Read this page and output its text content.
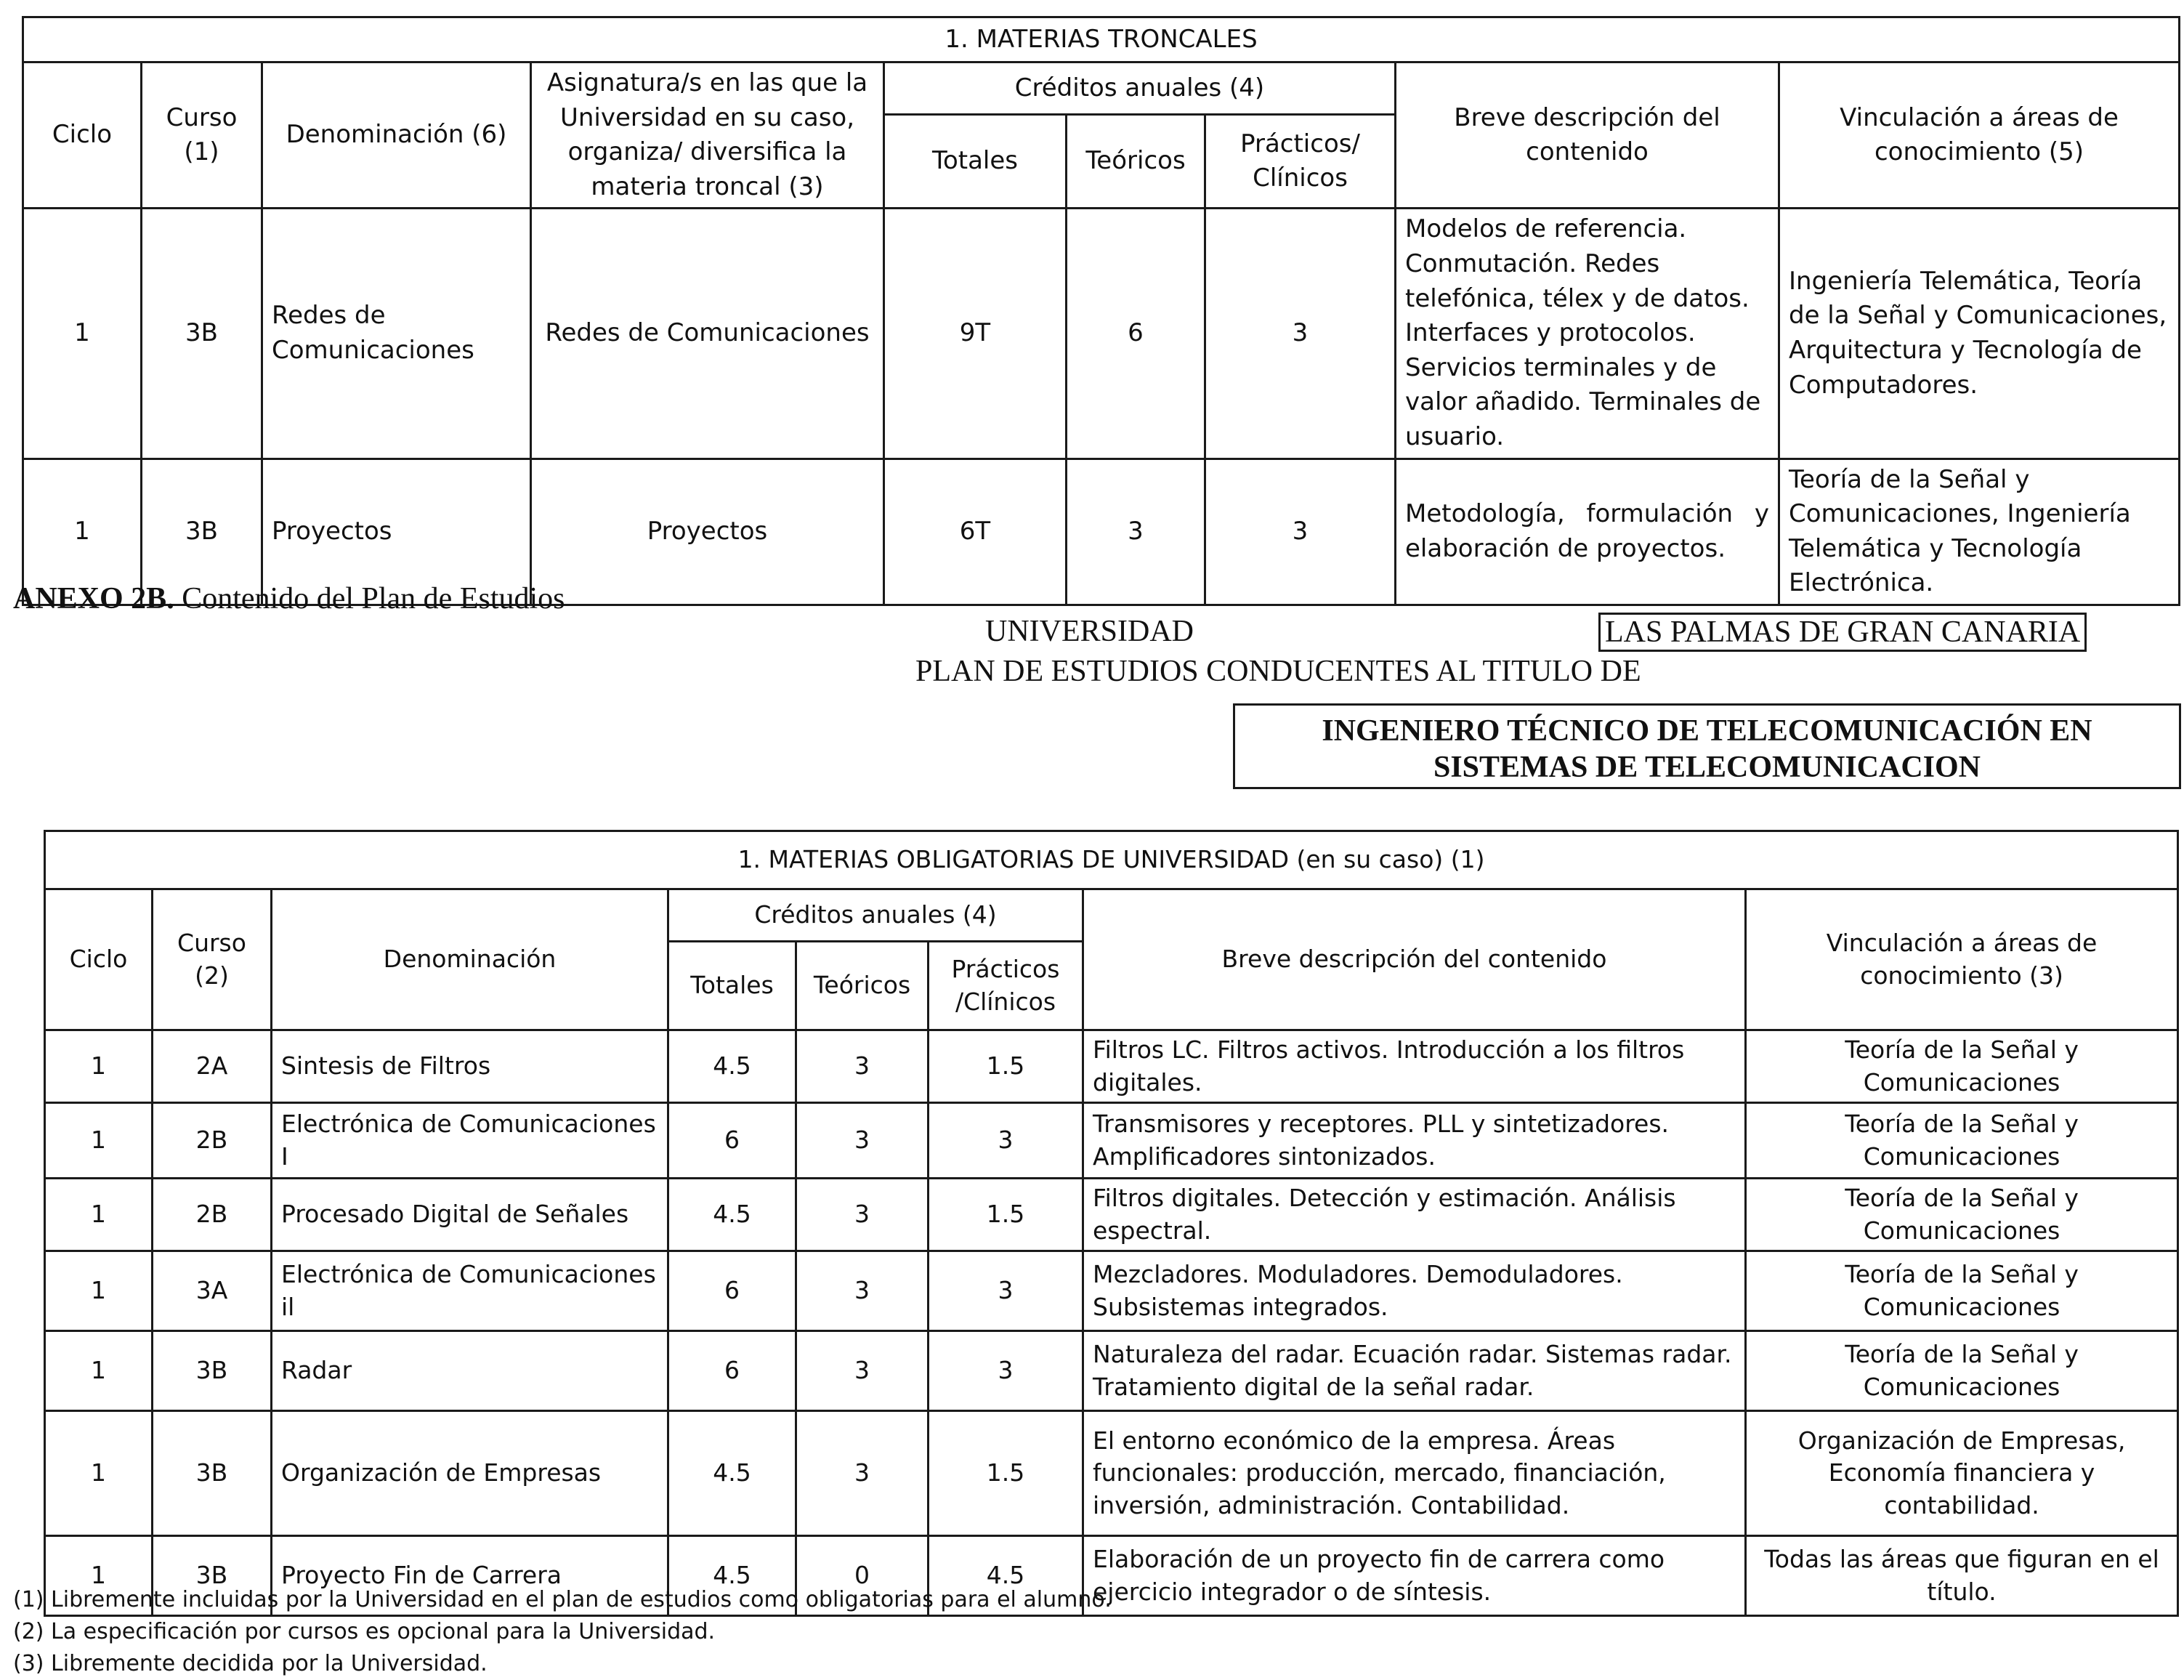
1. MATERIAS TRONCALES								
Ciclo	Curso (1)	Denominación (6)	Asignatura/s en las que la Universidad en su caso, organiza/ diversifica la materia troncal (3)	Créditos anuales (4)			Breve descripción del contenido	Vinculación a áreas de conocimiento (5)
				Totales	Teóricos	Prácticos/ Clínicos		
1	3B	Redes de Comunicaciones	Redes de Comunicaciones	9T	6	3	Modelos de referencia. Conmutación. Redes telefónica, télex y de datos. Interfaces y protocolos. Servicios terminales y de valor añadido. Terminales de usuario.	Ingeniería Telemática, Teoría de la Señal y Comunicaciones, Arquitectura y Tecnología de Computadores.
1	3B	Proyectos	Proyectos	6T	3	3	Metodología, formulación y elaboración de proyectos.	Teoría de la Señal y Comunicaciones, Ingeniería Telemática y Tecnología Electrónica.
ANEXO 2B. Contenido del Plan de Estudios
UNIVERSIDAD	LAS PALMAS DE GRAN CANARIA
PLAN DE ESTUDIOS CONDUCENTES AL TITULO DE
INGENIERO TÉCNICO DE TELECOMUNICACIÓN EN
SISTEMAS DE TELECOMUNICACION
1. MATERIAS OBLIGATORIAS DE UNIVERSIDAD (en su caso) (1)							
Ciclo	Curso (2)	Denominación	Créditos anuales (4)			Breve descripción del contenido	Vinculación a áreas de conocimiento (3)
			Totales	Teóricos	Prácticos /Clínicos		
1	2A	Sintesis de Filtros	4.5	3	1.5	Filtros LC. Filtros activos. Introducción a los filtros digitales.	Teoría de la Señal y Comunicaciones
1	2B	Electrónica de Comunicaciones I	6	3	3	Transmisores y receptores. PLL y sintetizadores. Amplificadores sintonizados.	Teoría de la Señal y Comunicaciones
1	2B	Procesado Digital de Señales	4.5	3	1.5	Filtros digitales. Detección y estimación. Análisis espectral.	Teoría de la Señal y Comunicaciones
1	3A	Electrónica de Comunicaciones il	6	3	3	Mezcladores. Moduladores. Demoduladores. Subsistemas integrados.	Teoría de la Señal y Comunicaciones
1	3B	Radar	6	3	3	Naturaleza del radar. Ecuación radar. Sistemas radar. Tratamiento digital de la señal radar.	Teoría de la Señal y Comunicaciones
1	3B	Organización de Empresas	4.5	3	1.5	El entorno económico de la empresa. Áreas funcionales: producción, mercado, financiación, inversión, administración. Contabilidad.	Organización de Empresas, Economía financiera y contabilidad.
1	3B	Proyecto Fin de Carrera	4.5	0	4.5	Elaboración de un proyecto fin de carrera como ejercicio integrador o de síntesis.	Todas las áreas que figuran en el título.
(1) Libremente incluidas por la Universidad en el plan de estudios como obligatorias para el alumno.
(2) La especificación por cursos es opcional para la Universidad.
(3) Libremente decidida por la Universidad.
